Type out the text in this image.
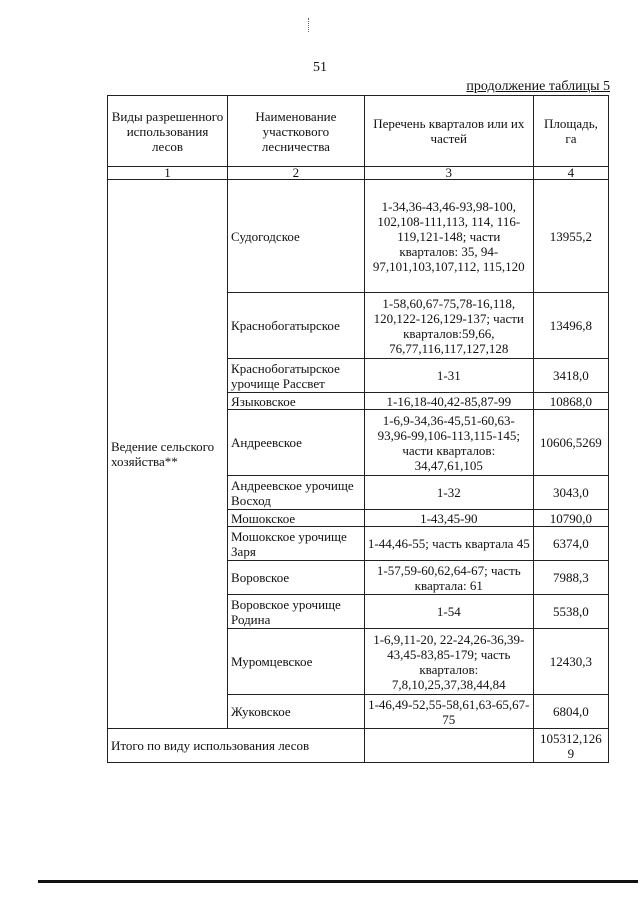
51
продолжение таблицы 5
Виды разрешенного использования лесов	Наименование участкового лесничества	Перечень кварталов или их частей	Площадь, га
1	2	3	4
Ведение сельского хозяйства**	Судогодское	1-34,36-43,46-93,98-100, 102,108-111,113, 114, 116-119,121-148; части кварталов: 35, 94-97,101,103,107,112, 115,120	13955,2
	Краснобогатырское	1-58,60,67-75,78-16,118, 120,122-126,129-137; части кварталов:59,66, 76,77,116,117,127,128	13496,8
	Краснобогатырское урочище Рассвет	1-31	3418,0
	Языковское	1-16,18-40,42-85,87-99	10868,0
	Андреевское	1-6,9-34,36-45,51-60,63-93,96-99,106-113,115-145; части кварталов: 34,47,61,105	10606,5269
	Андреевское урочище Восход	1-32	3043,0
	Мошокское	1-43,45-90	10790,0
	Мошокское урочище Заря	1-44,46-55; часть квартала 45	6374,0
	Воровское	1-57,59-60,62,64-67; часть квартала: 61	7988,3
	Воровское урочище Родина	1-54	5538,0
	Муромцевское	1-6,9,11-20, 22-24,26-36,39-43,45-83,85-179; часть кварталов: 7,8,10,25,37,38,44,84	12430,3
	Жуковское	1-46,49-52,55-58,61,63-65,67-75	6804,0
Итого по виду использования лесов			105312,1269
